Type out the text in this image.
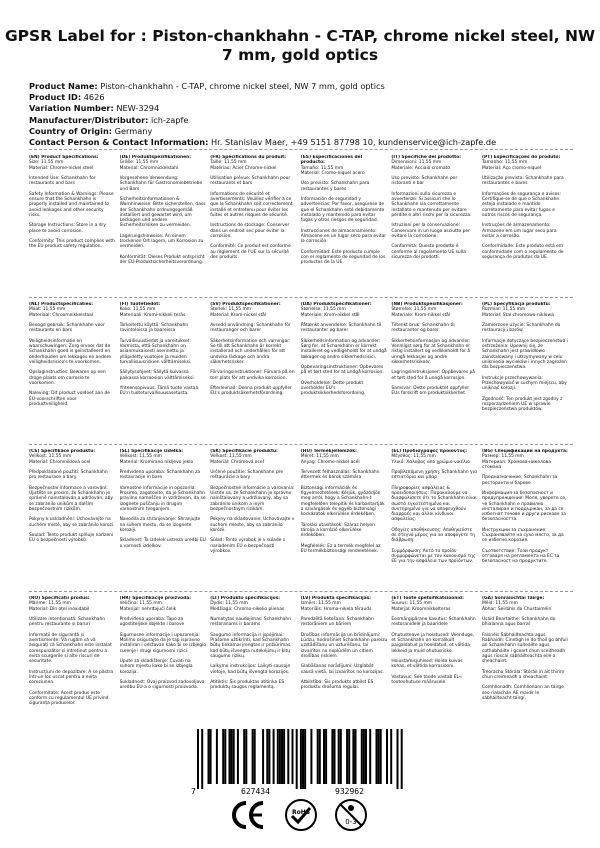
GPSR Label for : Piston-chankhahn - C-TAP, chrome nickel steel, NW
7 mm, gold optics
Product Name: Piston-chankhahn - C-TAP, chrome nickel steel, NW 7 mm, gold optics
Product ID: 4626
Variation Number: NEW-3294
Manufacturer/Distributor: ich-zapfe
Country of Origin: Germany
Contact Person & Contact Information: Hr. Stanislav Maer, +49 5151 87798 10, kundenservice@ich-zapfe.de
(EN) Product Specifications:

Size: 11.55 mm
Material: Chrome-nickel steel

Intended Use: Schankhahn for restaurants and bars

Safety Information & Warnings: Please ensure that the Schankhahn is properly installed and maintained to avoid leakages and other security risks.

Storage Instructions: Store in a dry place to avoid corrosion.

Conformity: This product complies with the EU product safety regulation.

(DE) Produktspezifikationen:

Größe: 11,55 mm
Material: Chromnickelstahl

Vorgesehene Verwendung: Schankhahn für Gastronomiebetriebe und Bars

Sicherheitsinformationen & Warnhinweise: Bitte sicherstellen, dass der Schankhahn ordnungsgemäß installiert und gewartet wird, um Leckagen und andere Sicherheitsrisiken zu vermeiden.

Lagerungshinweise: An einem trockenen Ort lagern, um Korrosion zu vermeiden.

Konformität: Dieses Produkt entspricht der EU-Produktsicherheitsverordnung.

(FR) Spécifications du produit:

Taille: 11,55 mm
Matériau: Acier Chrome-nickel

Utilisation prévue: Schankhahn pour restaurants et bars

Informations de sécurité et avertissements: Veuillez vérifier à ce que le Schankhahn soit correctement installé et entretenu pour éviter les fuites et autres risques de sécurité.

Instructions de stockage: Conserver dans un endroit sec pour éviter la corrosion.

Conformité: Ce produit est conforme au règlement de l'UE sur la sécurité des produits.

(ES) Especificaciones del producto:

Tamaño: 11,55 mm
Material: Cromo-níquel acero

Uso previsto: Schankhahn para restaurantes y bares

Información de seguridad y advertencias: Por favor, asegúrese de que el Schankhahn esté debidamente instalado y mantenido para evitar fugas y otros riesgos de seguridad.

Instrucciones de almacenamiento: Almacene en un lugar seco para evitar la corrosión.

Conformidad: Este producto cumple con el reglamento de seguridad de los productos de la UE.

(IT) Specifiche del prodotto:

Dimensioni: 11,55 mm
Materiale: Acciaio cromato

Uso previsto: Schankhahn per ristoranti e bar

Informazioni sulla sicurezza e avvertenze: Si assicuri che lo Schankhahn sia correttamente installato e mantenuto per evitare perdite e altri rischi per la sicurezza.

Istruzioni per la conservazione: Conservare in un luogo asciutto per evitare la corrosione.

Conformità: Questo prodotto è conforme al regolamento UE sulla sicurezza dei prodotti.

(PT) Especificações do produto:

Tamanho: 11,55 mm
Material: Aço cromo-níquel

Utilização prevista: Schankhahn para restaurantes e bares

Informações de segurança e avisos: Certifique-se de que o Schankhahn esteja instalado e mantido corretamente para evitar fugas e outros riscos de segurança.

Instruções de armazenamento: Armazene em um lugar seco para evitar a corrosão.

Conformidade: Este produto está em conformidade com o regulamento de segurança de produtos da UE.

(NL) Productspecificaties:

Maat: 11,55 mm
Materiaal: Chroomnikkelstaal

Beoogd gebruik: Schankhahn voor restaurants en bars

Veiligheidsinformatie en waarschuwingen: Zorg ervoor dat de Schankhahn goed is geïnstalleerd en onderhouden om lekkages en andere veiligheidsrisico's te voorkomen.

Opslaginstructies: Bewaren op een droge plaats om corrosie te voorkomen.

Naleving: Dit product voldoet aan de EU-voorschriften voor productveiligheid.

(FI) Tuotetiedot:

Koko: 11,55 mm
Materiaali: Kromi-nikkeli teräs

Tarkoitettu käyttö: Schankhahn ravintoloissa ja baareissa

Turvallisuustiedot ja varoitukset: Varmista, että Schankhahn on asianmukaisesti asennettu ja ylläpidetty vuotojen ja muiden turvallisuusriskien välttämiseksi.

Säilytysohjeet: Säilytä kuivassa paikassa korroosion välttämiseksi.

Yhteensopivuus: Tämä tuote vastaa EU:n tuoteturvallisuusasetusta.

(SV) Produktspecifikationer:

Storlek: 11,55 mm
Material: Krom-nickel stål

Avsedd användning: Schankhahn för restauranger och barer

Säkerhetsinformation och varningar: Se till att Schankhahn är korrekt installerad och underhållen för att undvika läckage och andra säkerhetsrisker.

Förvaringsinstruktioner: Förvara på en torr plats för att undvika korrosion.

Efterlevnad: Denna produkt uppfyller EU:s produktsäkerhetsförordning.

(DA) Produktspecifikationer:

Størrelse: 11,55 mm
Materiale: Krom-nikkel stål

Påtænkt anvendelse: Schankhahn til restauranter og barer

Sikkerhedsinformation og advarsler: Sørg for, at Schankhahn er korrekt installeret og vedligeholdt for at undgå lækager og andre sikkerhedsrisici.

Opbevaringsinstruktioner: Opbevares på et tørt sted for at undgå korrosion.

Overholdelse: Dette produkt overholder EU's produktsikkerhedsforordning.

(NB) Produktspesifikasjoner:

Størrelse: 11,55 mm
Materiale: Krom-nikkel stål

Tiltenkt bruk: Schankhahn til restauranter og barer

Sikkerhetsinformasjon og advarsler: Vennligst sørg for at Schankhahn er riktig installert og vedlikeholdt for å unngå lekkasjer og andre sikkerhetsrisikoer.

Lagringsinstruksjoner: Oppbevares på et tørt sted for å unngå korrosjon.

Samsvar: Dette produktet oppfyller EUs forskrift om produktsikkerhet.

(PL) Specyfikacja produktu:

Rozmiar: 11,55 mm
Materiał: Stal chromowo-niklowa

Zamierzone użycie: Schankhahn do restauracji i barów

Informacje dotyczące bezpieczeństwa i ostrzeżenia: Upewnij się, że Schankhahn jest prawidłowo zainstalowany i utrzymywany w celu uniknięcia wycieków i innych zagrożeń dla bezpieczeństwa.

Instrukcje przechowywania: Przechowywać w suchym miejscu, aby uniknąć korozji.

Zgodność: Ten produkt jest zgodny z rozporządzeniem UE w sprawie bezpieczeństwa produktów.

(CS) Specifikace produktu:

Velikost: 11,55 mm
Materiál: Chromniklová ocel

Předpokládané použití: Schankhahn pro restaurace a bary

Bezpečnostní informace a varování: Ujistěte se prosím, že Schankhahn je správně nainstalován a udržován, aby se zabránilo únikům a dalším bezpečnostním rizikům.

Pokyny k uskladnění: Uchovávejte na suchém místě, aby se zabránilo korozi.

Soulad: Tento produkt splňuje nařízení EU o bezpečnosti výrobků.

(SL) Specifikacije izdelka:

Velikost: 11,55 mm
Material: Kromirano nikljevo jeklo

Predvidena uporaba: Schankhahn za restavracije in bare

Varnostne informacije in opozorila: Prosimo, zagotovite, da je Schankhahn pravilno nameščen in vzdrževan, da se izognete puščanju in drugim varnostnim tveganjem.

Navodila za shranjevanje: Shranjujte na suhem mestu, da se izognete koroziji.

Skladnost: Ta izdelek ustreza uredbi EU o varnosti izdelkov.

(SK) Špecifikácie produktu:

Veľkosť: 11,55 mm
Materiál: Chrómová oceľ

Určené použitie: Schankhahn pre reštaurácie a bary

Bezpečnostné informácie a varovania: Uistite sa, že Schankhahn je správne nainštalovaný a udržiavaný, aby sa zabránilo únikom a iným bezpečnostným rizikám.

Pokyny na skladovanie: Uchovávajte v suchom mieste, aby sa zabránilo korózii.

Súlad: Tento výrobok je v súlade s nariadením EÚ o bezpečnosti výrobkov.

(HU) Termékjellemzők:

Méret: 11,55 mm
Anyag: Chrome-nikkel acél

Tervezett felhasználás: Schankhahn éttermek és bárok számára

Biztonsági információk és figyelmeztetések: Kérjük, győződjön meg arról, hogy a Schankhahn-t megfelelően telepítik és karbantartják a szivárgások és egyéb biztonsági kockázatok elkerülése érdekében.

Tárolási utasítások: Száraz helyen tárolja a korrózió elkerülése érdekében.

Megfelelés: Ez a termék megfelel az EU termékbiztonsági rendeletének.

(EL) Προδιαγραφές προϊόντος:

Μέγεθος: 11,55 mm
Υλικό: Χάλυβας από χρώμιο-νικέλιο

Προβλεπόμενη χρήση: Schankhahn για εστιατόρια και μπαρ

Πληροφορίες ασφάλειας & προειδοποιήσεις: Παρακαλούμε να διασφαλίσετε ότι το Schankhahn είναι σωστά εγκατεστημένο και συντηρημένο για να αποφευχθούν διαρροές και άλλοι κίνδυνοι ασφαλείας.

Οδηγίες αποθήκευσης: Αποθηκεύστε σε στεγνό μέρος για να αποφύγετε τη διάβρωση.

Συμμόρφωση: Αυτό το προϊόν συμμορφώνεται με τον κανονισμό της ΕΕ για την ασφάλεια των προϊόντων.

(BG) Спецификации на продукта:

Размер: 11,55 mm
Материал: Хромова-никелова стомана

Предназначение: Schankhahn за ресторанти и барове

Информация за безопасност и предупреждения: Моля, уверете се, че Schankhahn е правилно инсталиран и поддържан, за да се избегнат течове и други рискове за безопасността.

Инструкции за съхранение: Съхранявайте на сухо място, за да се избегне корозия.

Съответствие: Този продукт отговаря на регламента на ЕС за безопасност на продуктите.

(RO) Specificații produs:

Mărime: 11,55 mm
Material: Din oțel inoxidabil

Utilizare intenționată: Schankhahn pentru restaurante și baruri

Informații de siguranță și avertismente: Vă rugăm să vă asigurați că Schankhahn este instalat corespunzător și întreținut pentru a evita scurgerile și alte riscuri de securitate.

Instrucțiuni de depozitare: A se păstra într-un loc uscat pentru a evita coroziunea.

Conformitate: Acest produs este conform cu regulamentul UE privind siguranța produselor.

(HR) Specifikacije proizvoda:

Veličina: 11,55 mm
Materijal: nehrđajući čelik

Predviđena uporaba: Tapo za ugostiteljske objekte i barove

Sigurnosne informacije i upozorenja: Molimo osigurajte da je tap ispravno instaliran i održavan kako bi se izbjeglo curenje i drugi sigurnosni rizici.

Upute za skladištenje: Čuvati na suhom mjestu kako bi se izbjegla korozija.

Sukladnost: Ovaj proizvod zadovoljava uredbu EU-a o sigurnosti proizvoda.

(LT) Produkto specifikacijos:

Dydis: 11,55 mm
Medžiaga: Chromo-nikelio plienas

Numatytas naudojimas: Schankhahn restoranams ir barams

Saugumo informacija ir įspėjimai: Prašome užtikrinti, kad Schankhahn būtų tinkamai įrengtas ir prižiūrimas, kad būtų išvengta nutekėjimų ir kitų saugumo rizikų.

Laikymo instrukcijos: Laikyti sausoje vietoje, kad būtų išvengta korozijos.

Atitiktis: Šis produktas atitinka ES produktų saugos reglamentą.

(LV) Produkta specifikācijas:

Izmērs: 11,55 mm
Materiāls: Hroma-niķeļa tērauds

Paredzētā lietošana: Schankhahn restorāniem un bāriem

Drošības informācija un brīdinājumi: Lūdzu, nodrošiniet Schankhahn pareizu uzstādīšanu un uzturēšanu, lai izvairītos no noplūdēm un citiem drošības riskiem.

Glabāšanas norādījumi: Uzglabāt sausā vietā, lai izvairītos no korozijas.

Atbilstība: Šis produkts atbilst ES produktu drošuma regulai.

(ET) Toote spetsifikatsioonid:

Suurus: 11,55 mm
Materjal: Kroomnikkelteras

Eesmärgipärane kasutus: Schankhahn restoranidele ja baaridele

Ohutusteave ja hoiatused: Veenduge, et Schankhahn on korralikult paigaldatud ja hooldatud, et vältida lekkeid ja muid ohutusriske.

Hoiustamisjuhised: Hoida kuivas kohas, et vältida korrosiooni.

Vastavus: See toode vastab EL-i tooteohutuse määrusele.

(GA) Sonraíochtaí Táirge:

Méid: 11,55 mm
Ábhar: Seirbhís do Chustaiméirí

Úsáid Beartaithe: Schankhahn do bhialanna agus barraí

Faisnéis Sábháilteachta agus Rabhaidh: Cinntigh le do thoil go bhfuil an Schankhahn suiteáilte agus cothabháilte i gceart chun sceitheadh agus rioscaí sábháilteachta eile a sheachaint.

Treoracha Stórála: Stóráil in áit thirim chun creimeadh a sheachaint.

Comhlíonadh: Comhlíonann an táirge seo rialachán AE maidir le sábháilteacht táirgí.

7	627434	932962
RoHS
0-3
